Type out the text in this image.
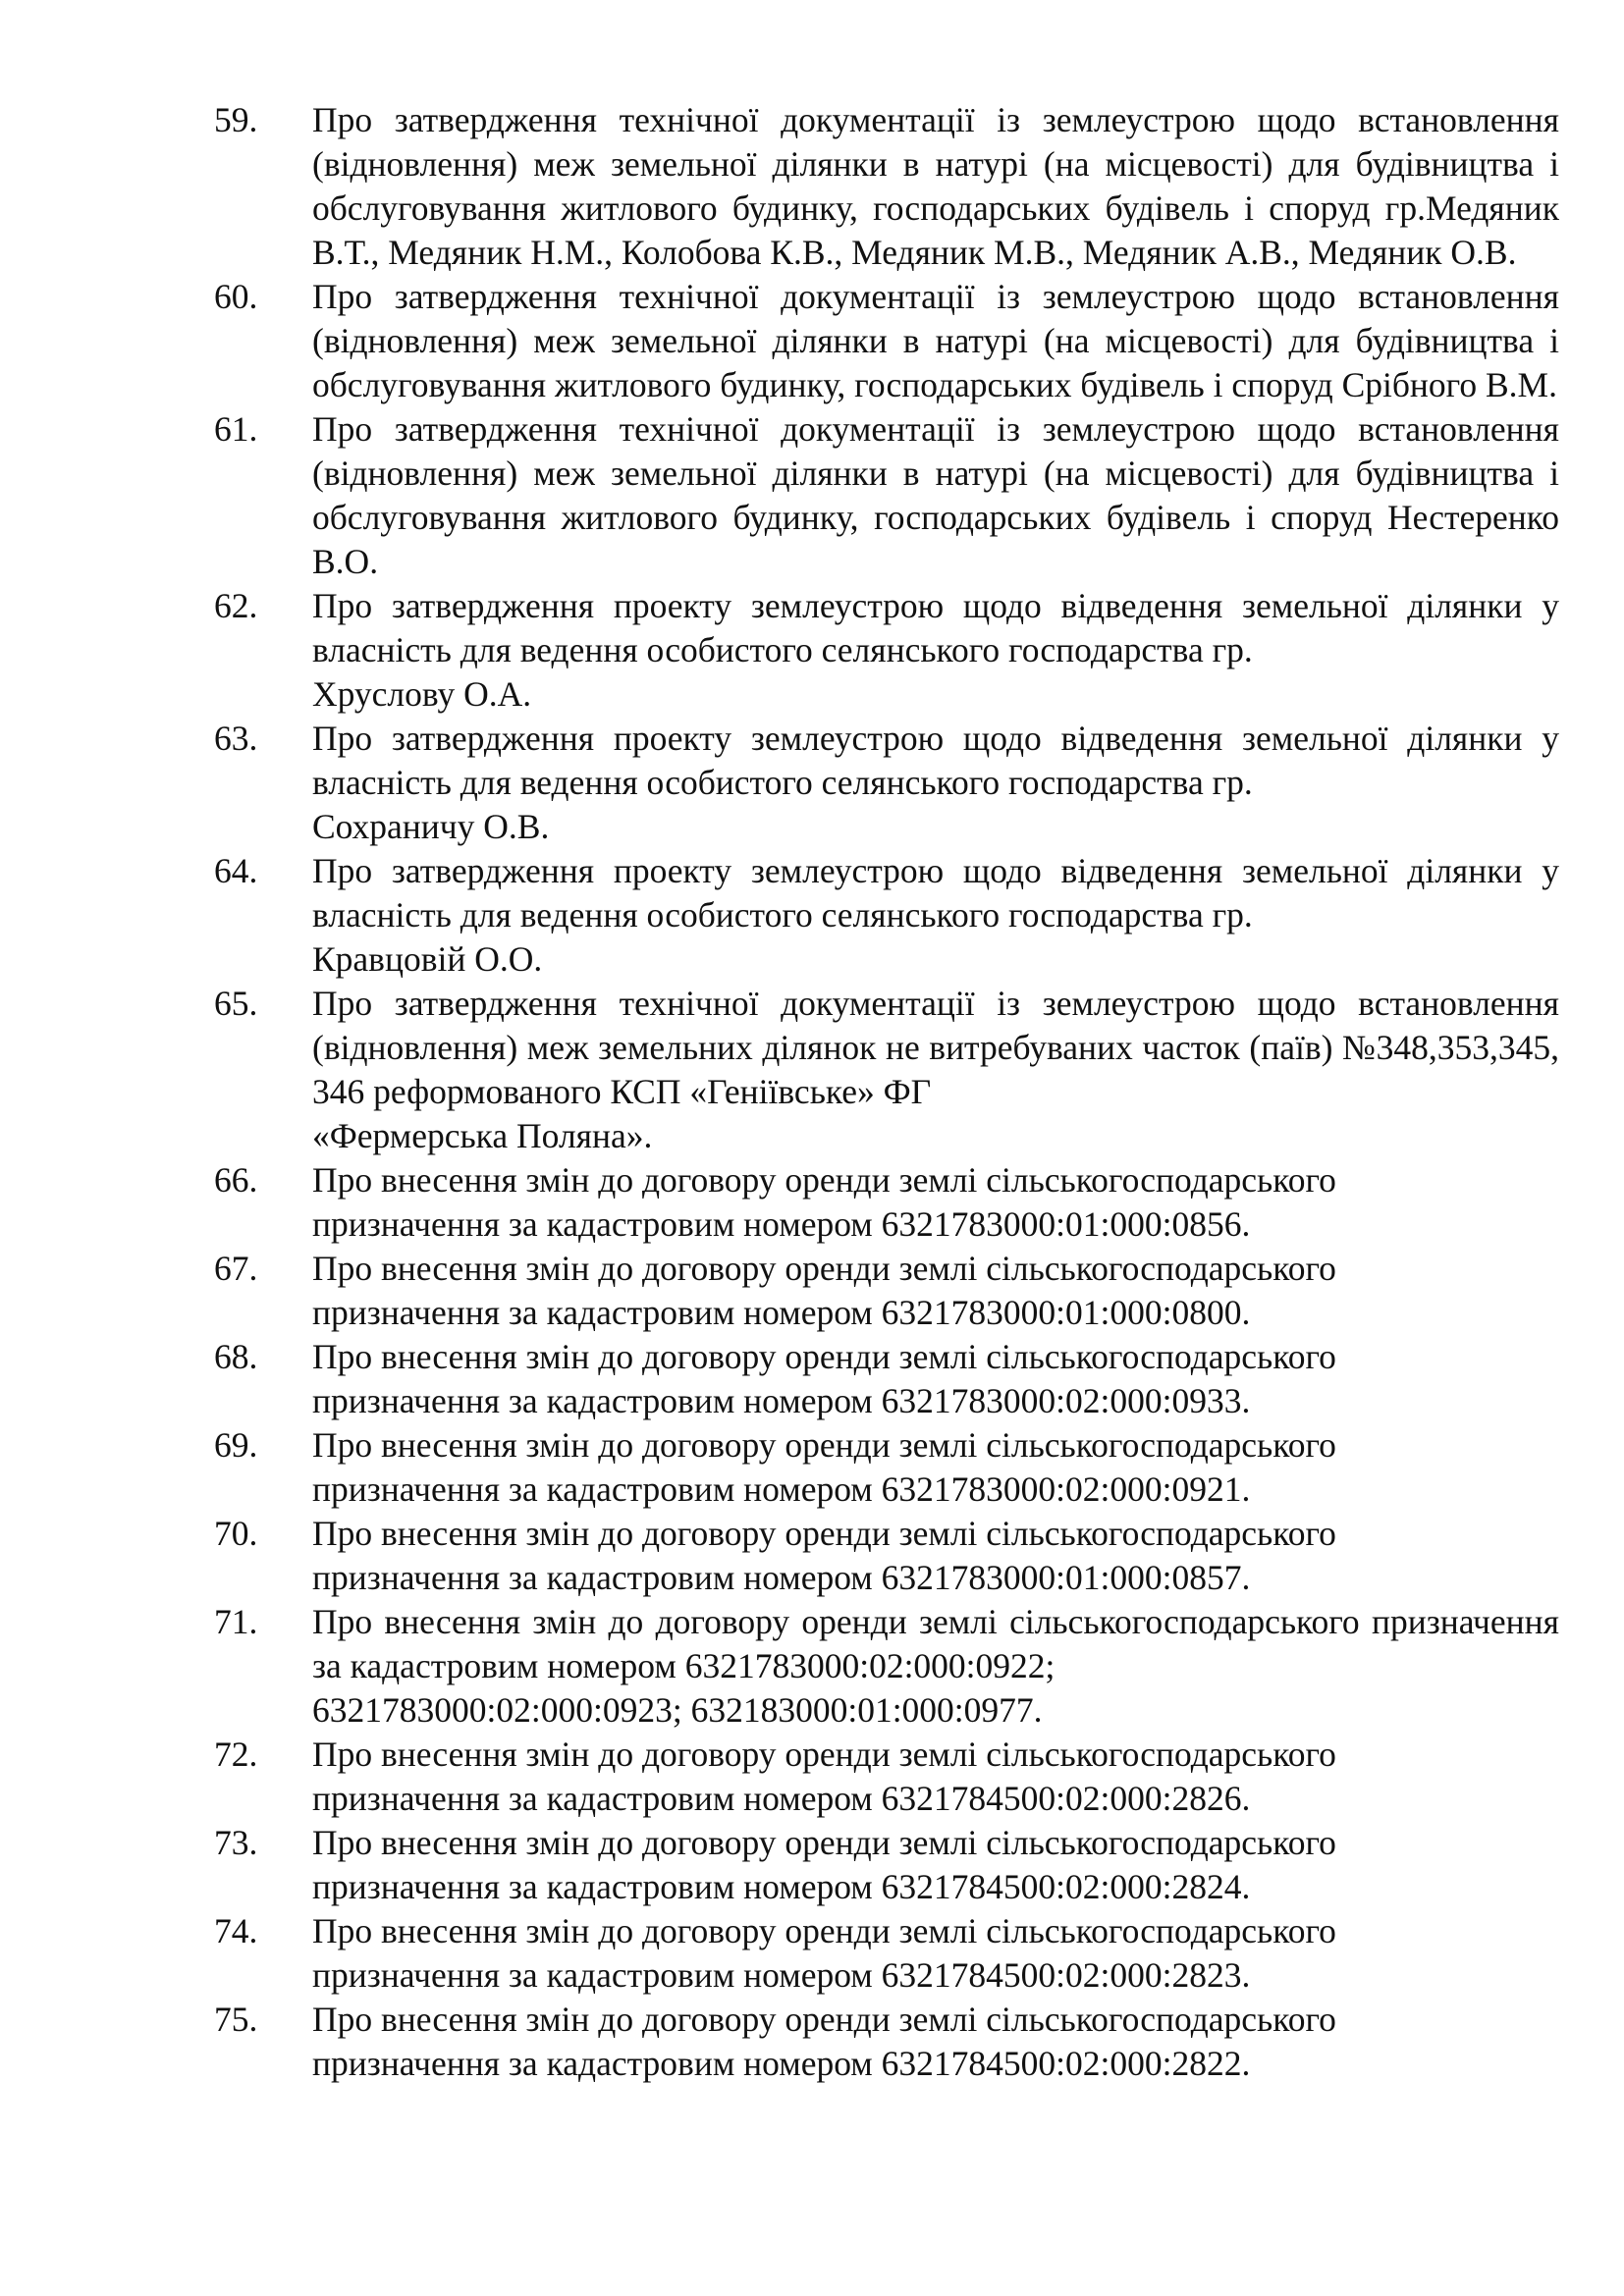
59.	Про затвердження технічної документації із землеустрою щодо встановлення (відновлення) меж земельної ділянки в натурі (на місцевості) для будівництва і обслуговування житлового будинку, господарських будівель і споруд гр.Медяник В.Т., Медяник Н.М., Колобова К.В., Медяник М.В., Медяник А.В., Медяник О.В.
60.	Про затвердження технічної документації із землеустрою щодо встановлення (відновлення) меж земельної ділянки в натурі (на місцевості) для будівництва і обслуговування житлового будинку, господарських будівель і споруд Срібного В.М.
61.	Про затвердження технічної документації із землеустрою щодо встановлення (відновлення) меж земельної ділянки в натурі (на місцевості) для будівництва і обслуговування житлового будинку, господарських будівель і споруд Нестеренко В.О.
62.	Про затвердження проекту землеустрою щодо відведення земельної ділянки у власність для ведення особистого селянського господарства гр.
Хруслову О.А.
63.	Про затвердження проекту землеустрою щодо відведення земельної ділянки у власність для ведення особистого селянського господарства гр.
Сохраничу О.В.
64.	Про затвердження проекту землеустрою щодо відведення земельної ділянки у власність для ведення особистого селянського господарства гр.
Кравцовій О.О.
65.	Про затвердження технічної документації із землеустрою щодо встановлення (відновлення) меж земельних ділянок не витребуваних часток (паїв) №348,353,345, 346 реформованого КСП «Геніївське» ФГ
«Фермерська Поляна».
66.	Про внесення змін до договору оренди землі сільськогосподарського
призначення за кадастровим номером 6321783000:01:000:0856.
67.	Про внесення змін до договору оренди землі сільськогосподарського
призначення за кадастровим номером 6321783000:01:000:0800.
68.	Про внесення змін до договору оренди землі сільськогосподарського
призначення за кадастровим номером 6321783000:02:000:0933.
69.	Про внесення змін до договору оренди землі сільськогосподарського
призначення за кадастровим номером 6321783000:02:000:0921.
70.	Про внесення змін до договору оренди землі сільськогосподарського
призначення за кадастровим номером 6321783000:01:000:0857.
71.	Про внесення змін до договору оренди землі сільськогосподарського призначення за кадастровим номером 6321783000:02:000:0922;
6321783000:02:000:0923; 632183000:01:000:0977.
72.	Про внесення змін до договору оренди землі сільськогосподарського
призначення за кадастровим номером 6321784500:02:000:2826.
73.	Про внесення змін до договору оренди землі сільськогосподарського
призначення за кадастровим номером 6321784500:02:000:2824.
74.	Про внесення змін до договору оренди землі сільськогосподарського
призначення за кадастровим номером 6321784500:02:000:2823.
75.	Про внесення змін до договору оренди землі сільськогосподарського
призначення за кадастровим номером 6321784500:02:000:2822.
